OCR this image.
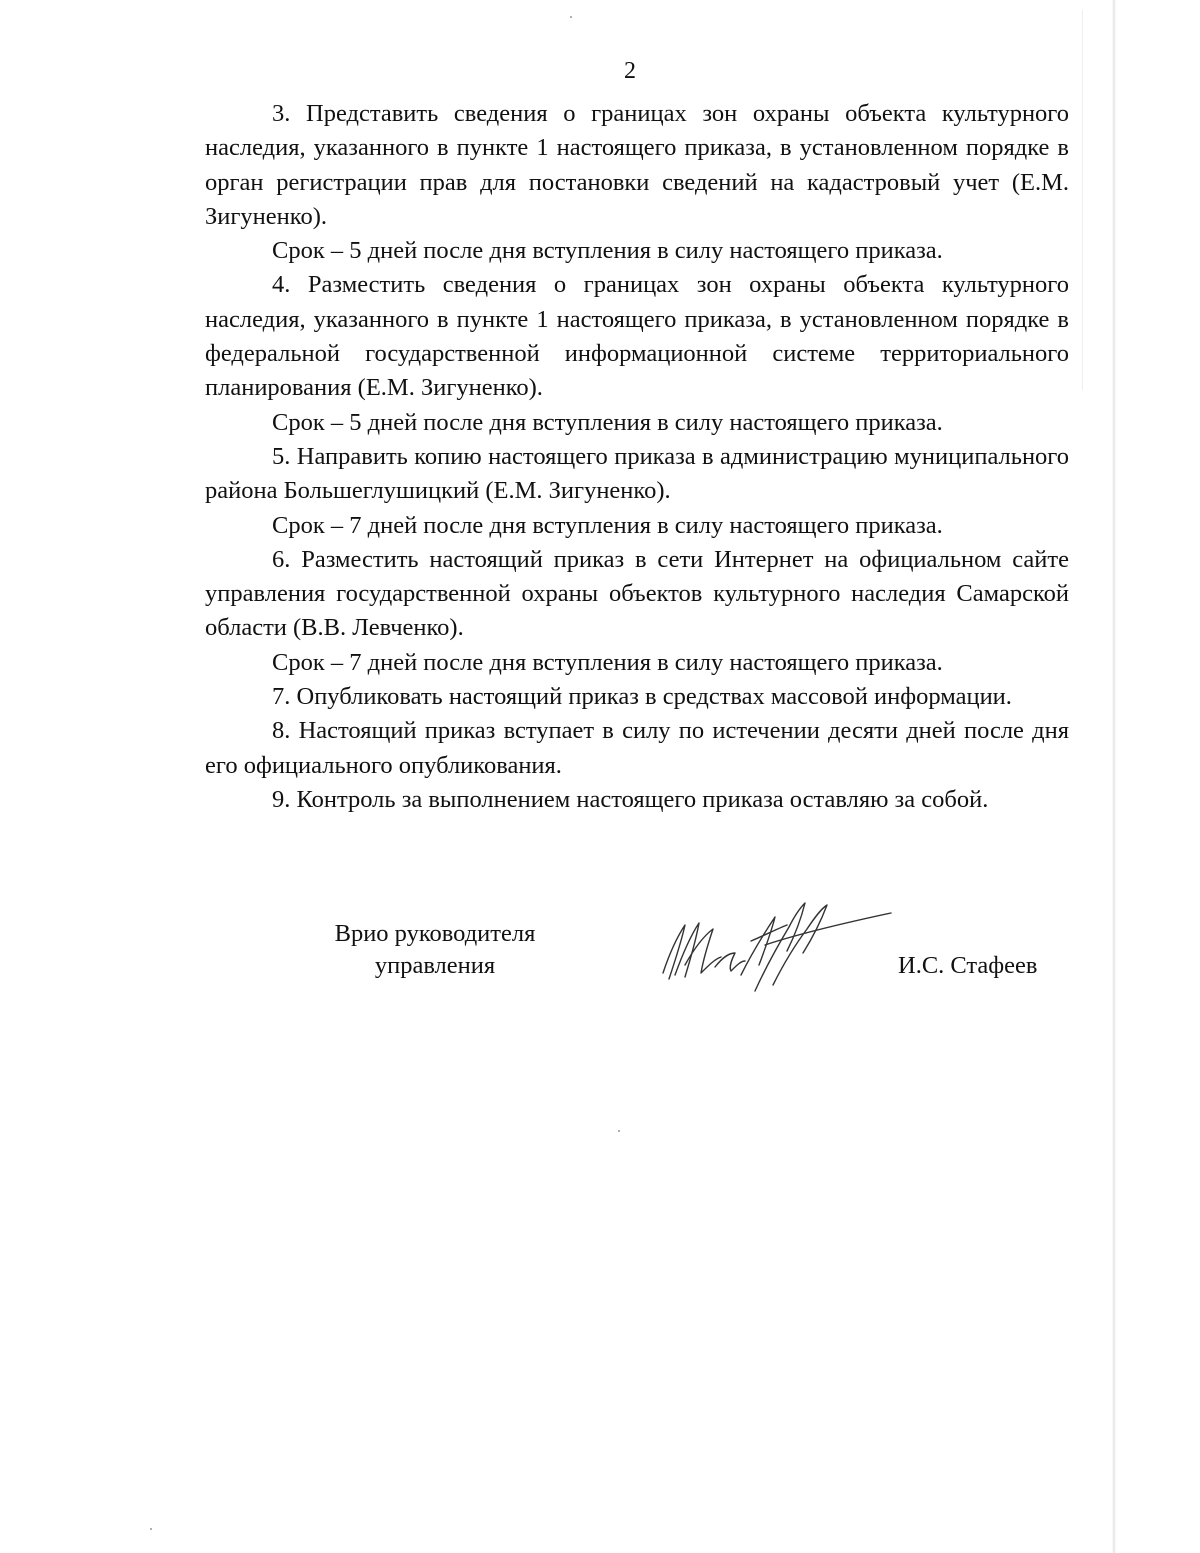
2

3. Представить сведения о границах зон охраны объекта культурного наследия, указанного в пункте 1 настоящего приказа, в установленном порядке в орган регистрации прав для постановки сведений на кадастровый учет (Е.М. Зигуненко).

Срок – 5 дней после дня вступления в силу настоящего приказа.

4. Разместить сведения о границах зон охраны объекта культурного наследия, указанного в пункте 1 настоящего приказа, в установленном порядке в федеральной государственной информационной системе территориального планирования (Е.М. Зигуненко).

Срок – 5 дней после дня вступления в силу настоящего приказа.

5. Направить копию настоящего приказа в администрацию муниципального района Большеглушицкий (Е.М. Зигуненко).

Срок – 7 дней после дня вступления в силу настоящего приказа.

6. Разместить настоящий приказ в сети Интернет на официальном сайте управления государственной охраны объектов культурного наследия Самарской области (В.В. Левченко).

Срок – 7 дней после дня вступления в силу настоящего приказа.

7. Опубликовать настоящий приказ в средствах массовой информации.

8. Настоящий приказ вступает в силу по истечении десяти дней после дня его официального опубликования.

9. Контроль за выполнением настоящего приказа оставляю за собой.

Врио руководителя
управления	И.С. Стафеев
